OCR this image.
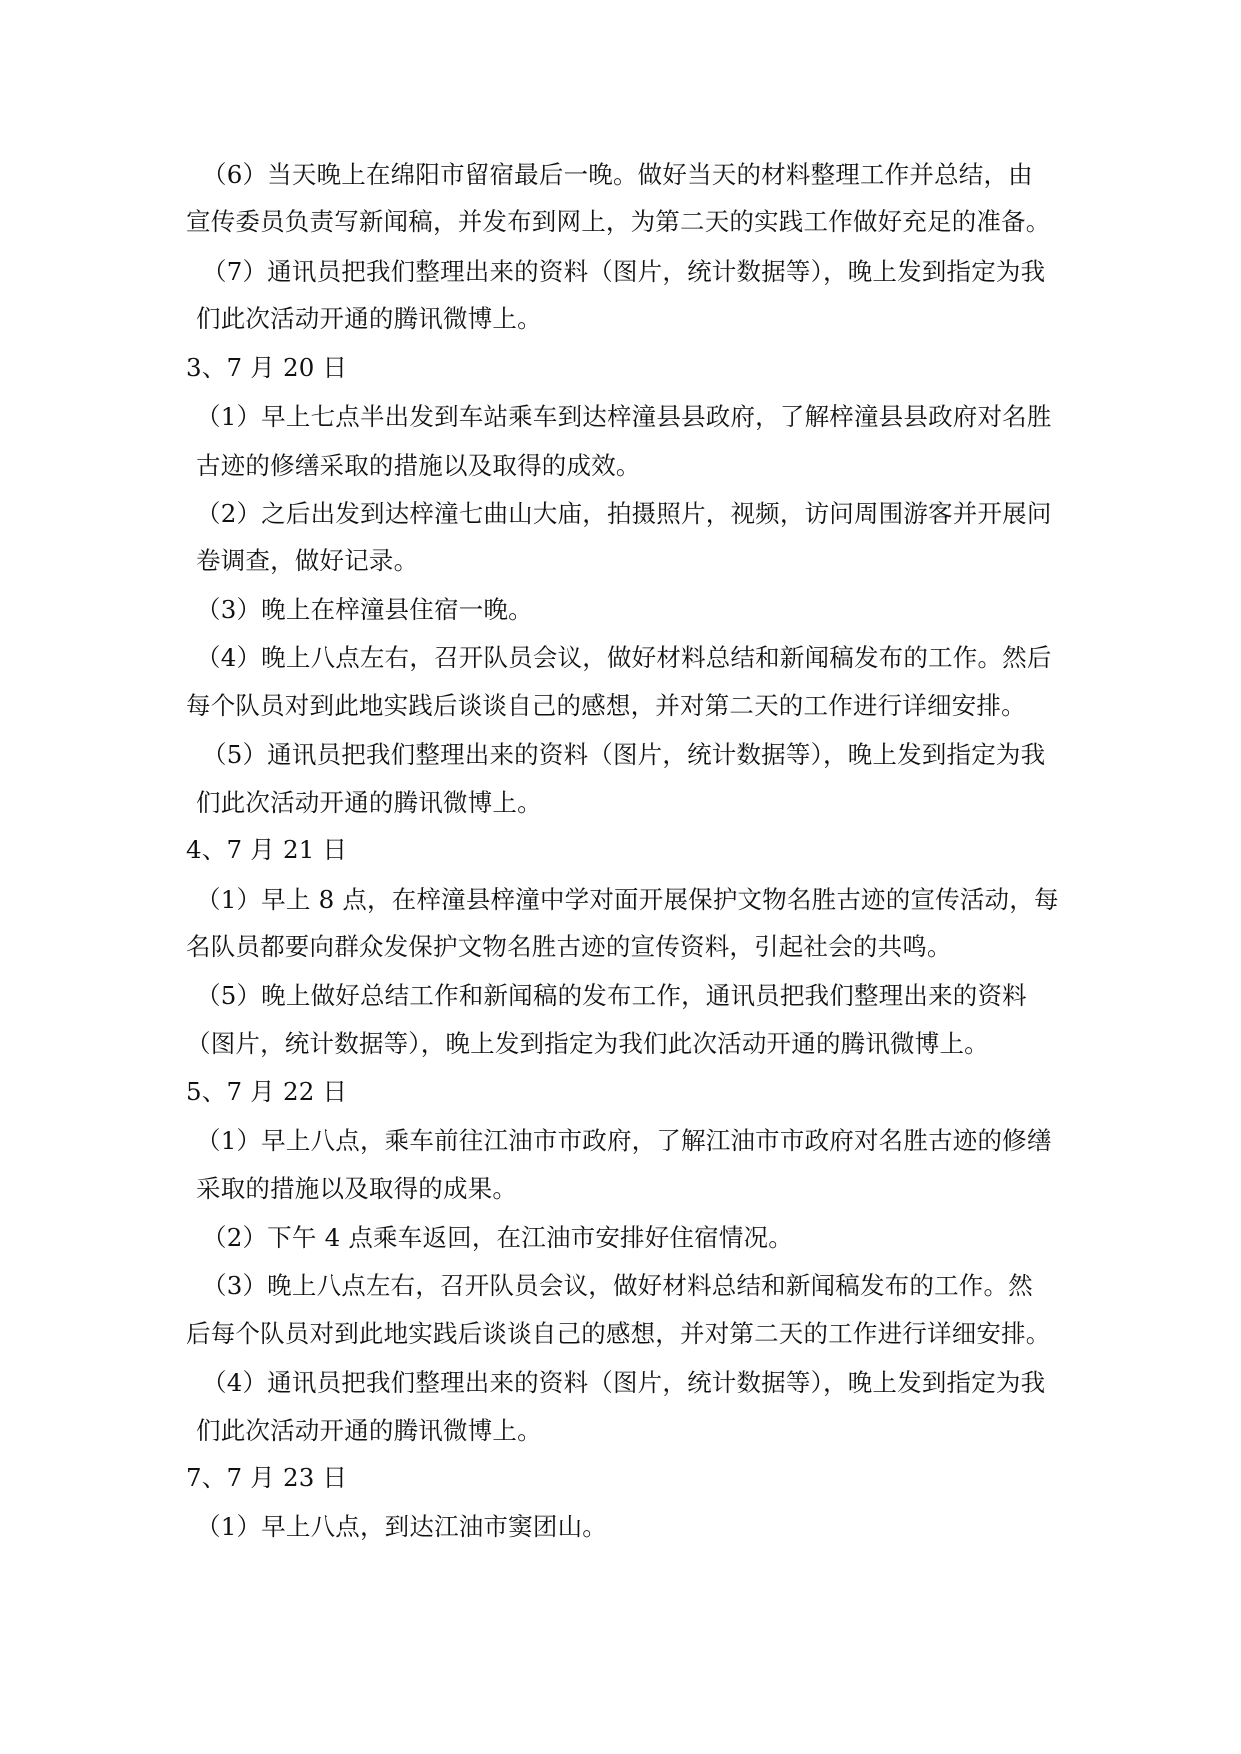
（6）当天晚上在绵阳市留宿最后一晚。做好当天的材料整理工作并总结，由
宣传委员负责写新闻稿，并发布到网上，为第二天的实践工作做好充足的准备。
（7）通讯员把我们整理出来的资料（图片，统计数据等），晚上发到指定为我
们此次活动开通的腾讯微博上。
3、7 月 20 日
（1）早上七点半出发到车站乘车到达梓潼县县政府，了解梓潼县县政府对名胜
古迹的修缮采取的措施以及取得的成效。
（2）之后出发到达梓潼七曲山大庙，拍摄照片，视频，访问周围游客并开展问
卷调查，做好记录。
（3）晚上在梓潼县住宿一晚。
（4）晚上八点左右，召开队员会议，做好材料总结和新闻稿发布的工作。然后
每个队员对到此地实践后谈谈自己的感想，并对第二天的工作进行详细安排。
（5）通讯员把我们整理出来的资料（图片，统计数据等），晚上发到指定为我
们此次活动开通的腾讯微博上。
4、7 月 21 日
（1）早上 8 点，在梓潼县梓潼中学对面开展保护文物名胜古迹的宣传活动，每
名队员都要向群众发保护文物名胜古迹的宣传资料，引起社会的共鸣。
（5）晚上做好总结工作和新闻稿的发布工作，通讯员把我们整理出来的资料
（图片，统计数据等），晚上发到指定为我们此次活动开通的腾讯微博上。
5、7 月 22 日
（1）早上八点，乘车前往江油市市政府，了解江油市市政府对名胜古迹的修缮
采取的措施以及取得的成果。
（2）下午 4 点乘车返回，在江油市安排好住宿情况。
（3）晚上八点左右，召开队员会议，做好材料总结和新闻稿发布的工作。然
后每个队员对到此地实践后谈谈自己的感想，并对第二天的工作进行详细安排。
（4）通讯员把我们整理出来的资料（图片，统计数据等），晚上发到指定为我
们此次活动开通的腾讯微博上。
7、7 月 23 日
（1）早上八点，到达江油市窦团山。
